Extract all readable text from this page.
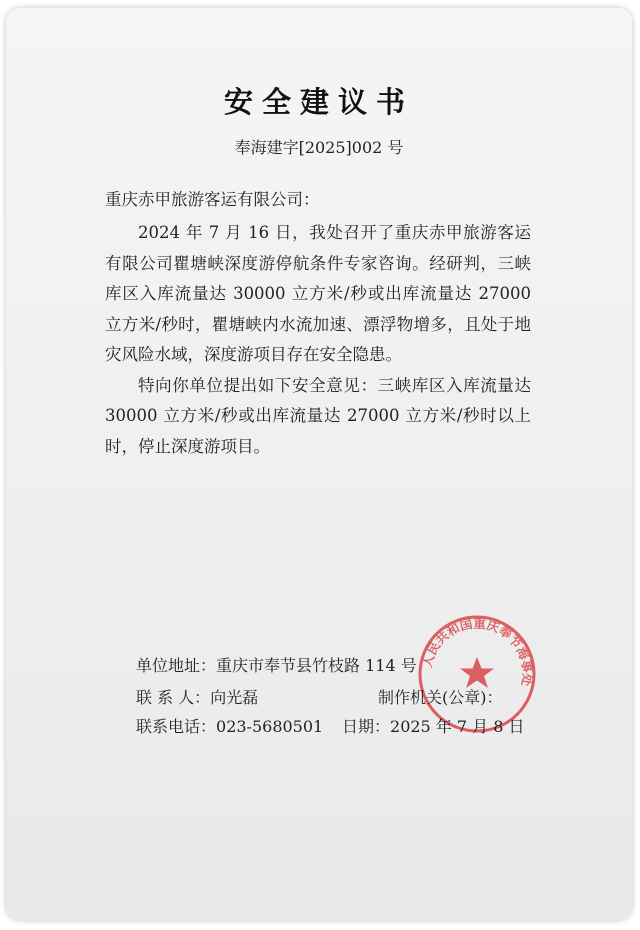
安全建议书
奉海建字[2025]002 号
重庆赤甲旅游客运有限公司：

2024 年 7 月 16 日，我处召开了重庆赤甲旅游客运有限公司瞿塘峡深度游停航条件专家咨询。经研判，三峡库区入库流量达 30000 立方米/秒或出库流量达 27000 立方米/秒时，瞿塘峡内水流加速、漂浮物增多，且处于地灾风险水域，深度游项目存在安全隐患。

特向你单位提出如下安全意见：三峡库区入库流量达 30000 立方米/秒或出库流量达 27000 立方米/秒时以上时，停止深度游项目。

人民共和国重庆奉节海事处
单位地址：重庆市奉节县竹枝路 114 号
联 系 人：向光磊	制作机关(公章)：
联系电话：023-5680501 日期：2025 年 7 月 8 日
